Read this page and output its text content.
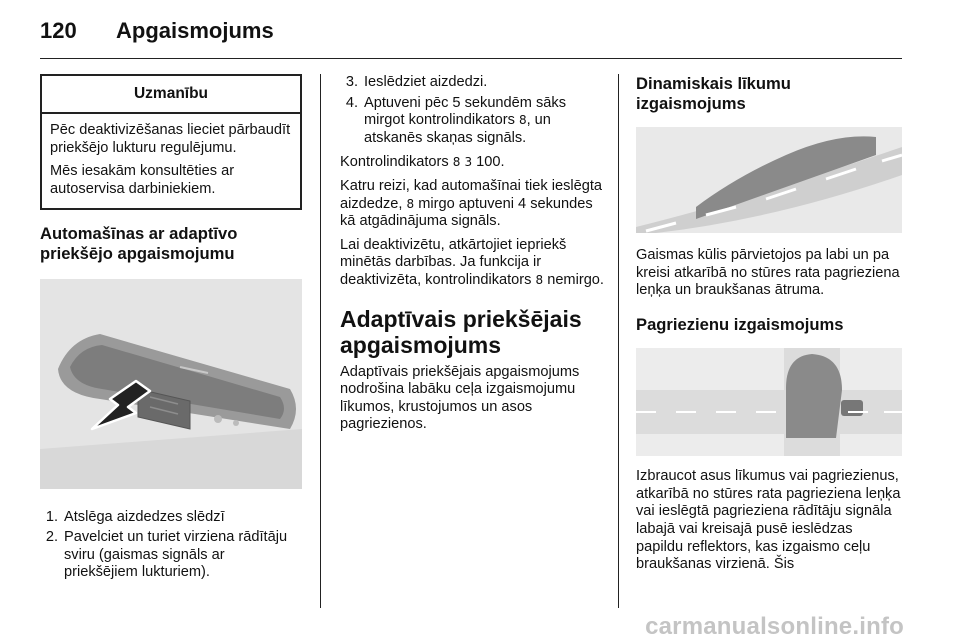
120 Apgaismojums
Uzmanību

Pēc deaktivizēšanas lieciet pārbaudīt priekšējo lukturu regulējumu.

Mēs iesakām konsultēties ar autoservisa darbiniekiem.

Automašīnas ar adaptīvo priekšējo apgaismojumu
1. Atslēga aizdedzes slēdzī
2. Pavelciet un turiet virziena rādītāju sviru (gaismas signāls ar priekšējiem lukturiem).
3. Ieslēdziet aizdedzi.
4. Aptuveni pēc 5 sekundēm sāks mirgot kontrolindikators 8, un atskanēs skaņas signāls.

Kontrolindikators 8 3 100.

Katru reizi, kad automašīnai tiek ieslēgta aizdedze, 8 mirgo aptuveni 4 sekundes kā atgādinājuma signāls.

Lai deaktivizētu, atkārtojiet iepriekš minētās darbības. Ja funkcija ir deaktivizēta, kontrolindikators 8 nemirgo.

Adaptīvais priekšējais apgaismojums

Adaptīvais priekšējais apgaismojums nodrošina labāku ceļa izgaismojumu līkumos, krustojumos un asos pagriezienos.

Dinamiskais līkumu izgaismojums

Gaismas kūlis pārvietojos pa labi un pa kreisi atkarībā no stūres rata pagrieziena leņķa un braukšanas ātruma.

Pagriezienu izgaismojums

Izbraucot asus līkumus vai pagriezienus, atkarībā no stūres rata pagrieziena leņķa vai ieslēgtā pagrieziena rādītāju signāla labajā vai kreisajā pusē ieslēdzas papildu reflektors, kas izgaismo ceļu braukšanas virzienā. Šis

carmanualsonline.info
